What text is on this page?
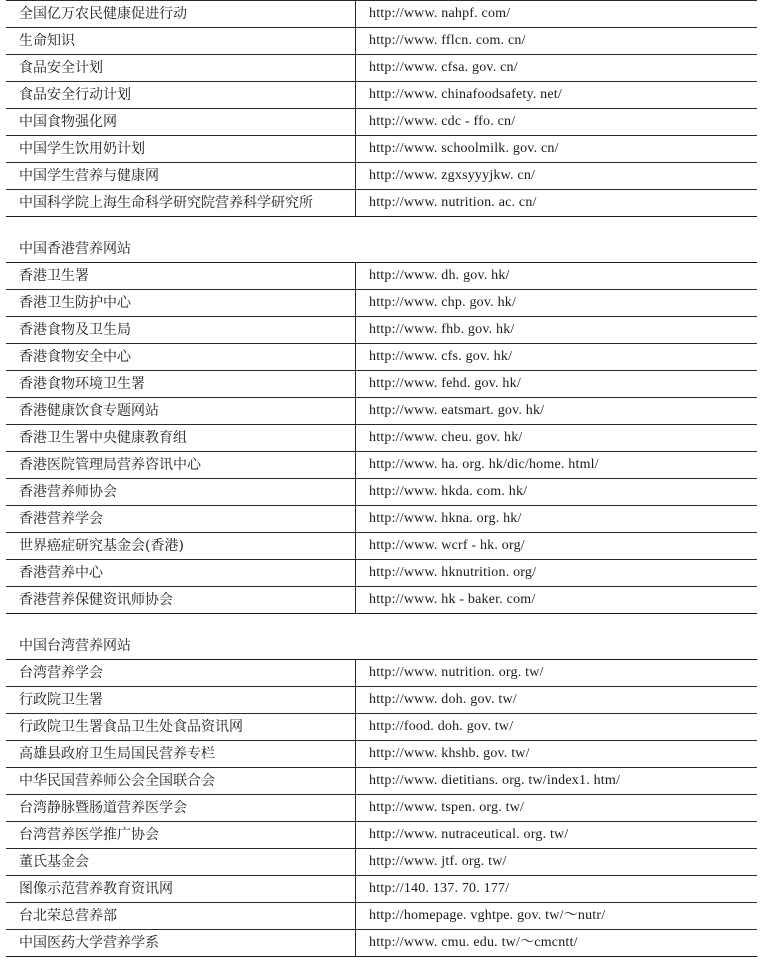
全国亿万农民健康促进行动	http://www. nahpf. com/
生命知识	http://www. fflcn. com. cn/
食品安全计划	http://www. cfsa. gov. cn/
食品安全行动计划	http://www. chinafoodsafety. net/
中国食物强化网	http://www. cdc - ffo. cn/
中国学生饮用奶计划	http://www. schoolmilk. gov. cn/
中国学生营养与健康网	http://www. zgxsyyyjkw. cn/
中国科学院上海生命科学研究院营养科学研究所	http://www. nutrition. ac. cn/
中国香港营养网站
香港卫生署	http://www. dh. gov. hk/
香港卫生防护中心	http://www. chp. gov. hk/
香港食物及卫生局	http://www. fhb. gov. hk/
香港食物安全中心	http://www. cfs. gov. hk/
香港食物环境卫生署	http://www. fehd. gov. hk/
香港健康饮食专题网站	http://www. eatsmart. gov. hk/
香港卫生署中央健康教育组	http://www. cheu. gov. hk/
香港医院管理局营养咨讯中心	http://www. ha. org. hk/dic/home. html/
香港营养师协会	http://www. hkda. com. hk/
香港营养学会	http://www. hkna. org. hk/
世界癌症研究基金会(香港)	http://www. wcrf - hk. org/
香港营养中心	http://www. hknutrition. org/
香港营养保健资讯师协会	http://www. hk - baker. com/
中国台湾营养网站
台湾营养学会	http://www. nutrition. org. tw/
行政院卫生署	http://www. doh. gov. tw/
行政院卫生署食品卫生处食品资讯网	http://food. doh. gov. tw/
高雄县政府卫生局国民营养专栏	http://www. khshb. gov. tw/
中华民国营养师公会全国联合会	http://www. dietitians. org. tw/index1. htm/
台湾静脉暨肠道营养医学会	http://www. tspen. org. tw/
台湾营养医学推广协会	http://www. nutraceutical. org. tw/
董氏基金会	http://www. jtf. org. tw/
图像示范营养教育资讯网	http://140. 137. 70. 177/
台北荣总营养部	http://homepage. vghtpe. gov. tw/～nutr/
中国医药大学营养学系	http://www. cmu. edu. tw/～cmcntt/
